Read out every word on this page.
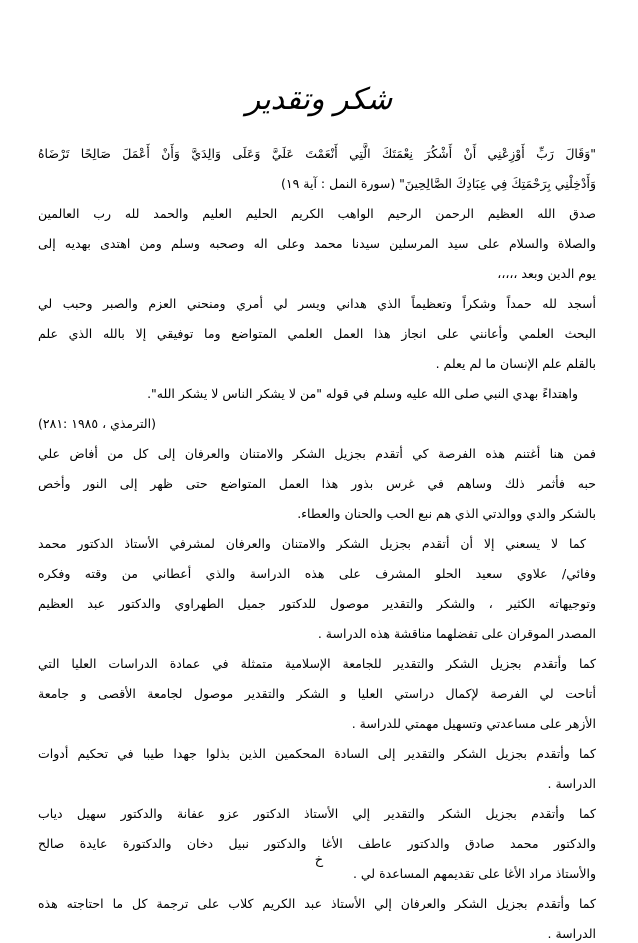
شكر وتقدير
"وَقَالَ رَبِّ أَوْزِعْنِي أَنْ أَشْكُرَ نِعْمَتَكَ الَّتِي أَنْعَمْتَ عَلَيَّ وَعَلَى وَالِدَيَّ وَأَنْ أَعْمَلَ صَالِحًا تَرْضَاهُ
وَأَدْخِلْنِي بِرَحْمَتِكَ فِي عِبَادِكَ الصَّالِحِينَ" (سورة النمل : آية ١٩)
صدق الله العظيم الرحمن الرحيم الواهب الكريم الحليم العليم والحمد لله رب العالمين
والصلاة والسلام على سيد المرسلين سيدنا محمد وعلى اله وصحبه وسلم ومن اهتدى بهديه إلى
يوم الدين وبعد ،،،،،
أسجد لله حمداً وشكراً وتعظيماً الذي هداني ويسر لي أمري ومنحني العزم والصبر وحبب لي
البحث العلمي وأعانني على انجاز هذا العمل العلمي المتواضع وما توفيقي إلا بالله الذي علم
بالقلم علم الإنسان ما لم يعلم .
واهتداءً بهدي النبي صلى الله عليه وسلم في قوله "من لا يشكر الناس لا يشكر الله".
(الترمذي ، ١٩٨٥ :٢٨١)
فمن هنا أغتنم هذه الفرصة كي أتقدم بجزيل الشكر والامتنان والعرفان إلى كل من أفاض علي
حبه فأثمر ذلك وساهم في غرس بذور هذا العمل المتواضع حتى ظهر إلى النور وأخص
بالشكر والدي ووالدتي الذي هم نبع الحب والحنان والعطاء.
كما لا يسعني إلا أن أتقدم بجزيل الشكر والامتنان والعرفان لمشرفي الأستاذ الدكتور محمد
وفائي/ علاوي سعيد الحلو المشرف على هذه الدراسة والذي أعطاني من وقته وفكره
وتوجيهاته الكثير ، والشكر والتقدير موصول للدكتور جميل الطهراوي والدكتور عبد العظيم
المصدر الموقران على تفضلهما مناقشة هذه الدراسة .
كما وأتقدم بجزيل الشكر والتقدير للجامعة الإسلامية متمثلة في عمادة الدراسات العليا التي
أتاحت لي الفرصة لإكمال دراستي العليا و الشكر والتقدير موصول لجامعة الأقصى و جامعة
الأزهر على مساعدتي وتسهيل مهمتي للدراسة .
كما وأتقدم بجزيل الشكر والتقدير إلى السادة المحكمين الذين بذلوا جهدا طيبا في تحكيم أدوات
الدراسة .
كما وأتقدم بجزيل الشكر والتقدير إلي الأستاذ الدكتور عزو عفانة والدكتور سهيل دياب
والدكتور محمد صادق والدكتور عاطف الأغا والدكتور نبيل دخان والدكتورة عايدة صالح
والأستاذ مراد الأغا على تقديمهم المساعدة لي .
كما وأتقدم بجزيل الشكر والعرفان إلي الأستاذ عبد الكريم كلاب على ترجمة كل ما احتاجته هذه
الدراسة .
خ
